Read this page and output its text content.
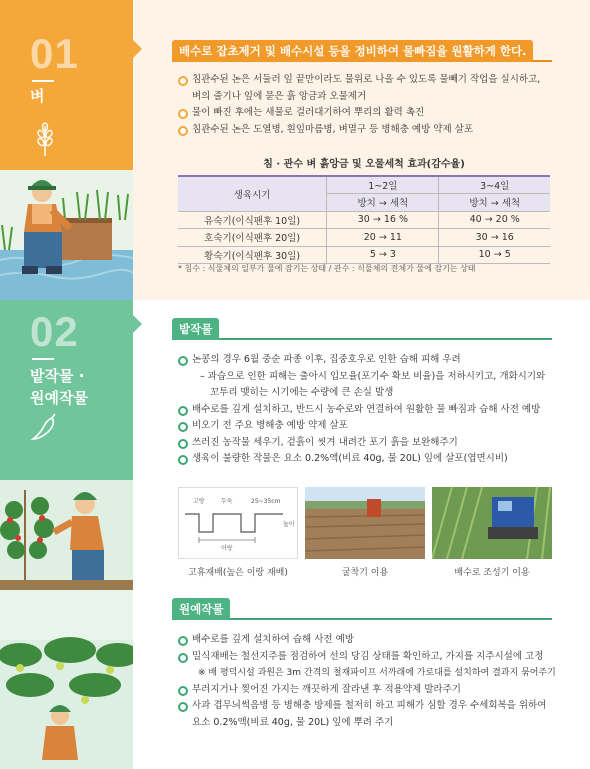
01
벼
배수로 잡초제거 및 배수시설 등을 정비하여 물빠짐을 원활하게 한다.
침관수된 논은 서둘러 잎 끝만이라도 물위로 나올 수 있도록 물빼기 작업을 실시하고,
벼의 줄기나 잎에 묻은 흙 앙금과 오물제거
물이 빠진 후에는 새물로 걸러대기하여 뿌리의 활력 촉진
침관수된 논은 도열병, 흰잎마름병, 벼멸구 등 병해충 예방 약제 살포
침 · 관수 벼 흙앙금 및 오물세척 효과(감수율)
생육시기	1~2일	3~4일
	방치 → 세척	방치 → 세척
유숙기(이식팬후 10일)	30 → 16 %	40 → 20 %
호숙기(이식팬후 20일)	20 → 11	30 → 16
황숙기(이식팬후 30일)	5 → 3	10 → 5
* 침수 : 식물체의 일부가 물에 잠기는 상태 / 관수 : 식물체의 전체가 물에 잠기는 상태
02
밭작물 ·
원예작물
밭작물
논콩의 경우 6월 중순 파종 이후, 집중호우로 인한 습해 피해 우려
– 과습으로 인한 피해는 출아시 입모율(포기수 확보 비율)을 저하시키고, 개화시기와
꼬투리 맺히는 시기에는 수량에 큰 손실 발생
배수로를 깊게 설치하고, 반드시 농수로와 연결하여 원활한 물 빠짐과 습해 사전 예방
비오기 전 주요 병해충 예방 약제 살포
쓰러진 농작물 세우기, 겉흙이 씻겨 내려간 포기 흙을 보완해주기
생육이 불량한 작물은 요소 0.2%액(비료 40g, 물 20L) 잎에 살포(엽면시비)
고랑	두둑	25~35cm
높이
이랑
고휴재배(높은 이랑 재배)	굴착기 이용	배수로 조성기 이용
원예작물
배수로를 깊게 설치하여 습해 사전 예방
밀식재배는 철선지주를 점검하여 선의 당김 상태를 확인하고, 가지를 지주시설에 고정
※ 배 평덕시설 과원은 3m 간격의 철재파이프 서까래에 가로대를 설치하여 결과지 묶어주기
부러지거나 찢어진 가지는 깨끗하게 잘라낸 후 적용약제 발라주기
사과 겹무늬썩음병 등 병해충 방제를 철저히 하고 피해가 심할 경우 수세회복을 위하여
요소 0.2%액(비료 40g, 물 20L) 잎에 뿌려 주기
